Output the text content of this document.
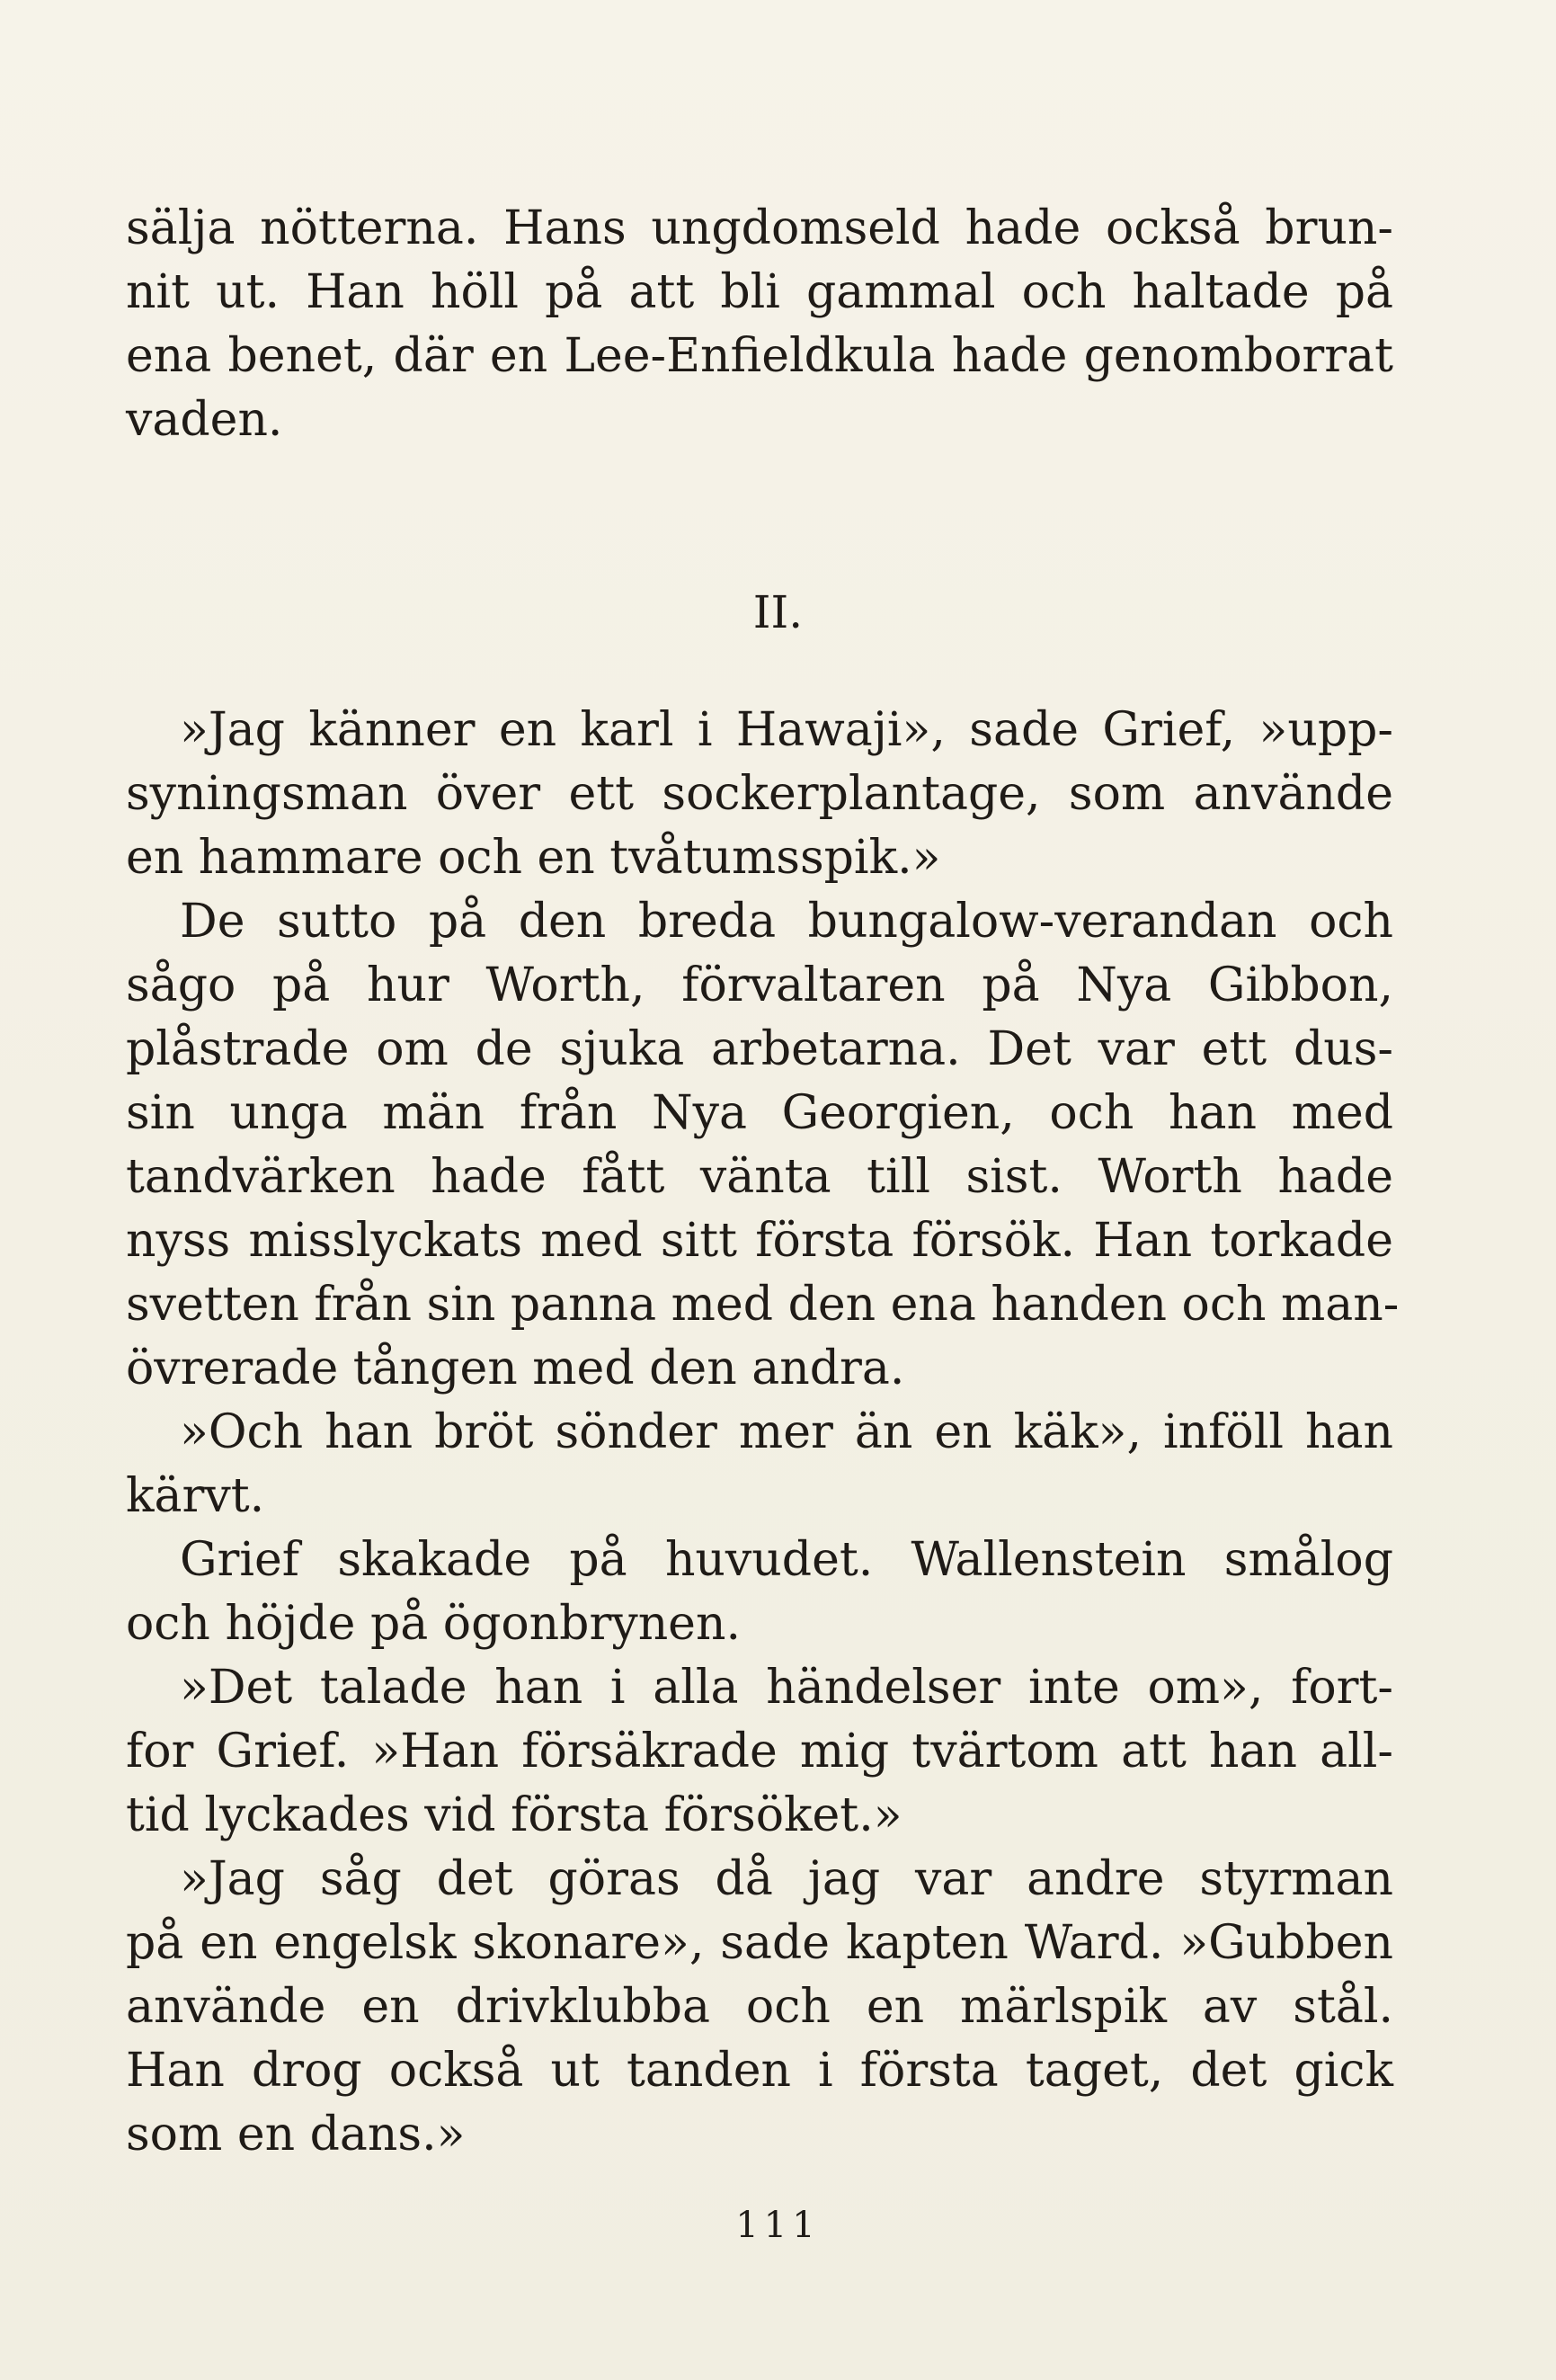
sälja nötterna. Hans ungdomseld hade också brun-
nit ut. Han höll på att bli gammal och haltade på
ena benet, där en Lee-Enfieldkula hade genomborrat
vaden.
II.
»Jag känner en karl i Hawaji», sade Grief, »upp-
syningsman över ett sockerplantage, som använde
en hammare och en tvåtumsspik.»
De sutto på den breda bungalow-verandan och
sågo på hur Worth, förvaltaren på Nya Gibbon,
plåstrade om de sjuka arbetarna. Det var ett dus-
sin unga män från Nya Georgien, och han med
tandvärken hade fått vänta till sist. Worth hade
nyss misslyckats med sitt första försök. Han torkade
svetten från sin panna med den ena handen och man-
övrerade tången med den andra.
»Och han bröt sönder mer än en käk», inföll han
kärvt.
Grief skakade på huvudet. Wallenstein smålog
och höjde på ögonbrynen.
»Det talade han i alla händelser inte om», fort-
for Grief. »Han försäkrade mig tvärtom att han all-
tid lyckades vid första försöket.»
»Jag såg det göras då jag var andre styrman
på en engelsk skonare», sade kapten Ward. »Gubben
använde en drivklubba och en märlspik av stål.
Han drog också ut tanden i första taget, det gick
som en dans.»
111
